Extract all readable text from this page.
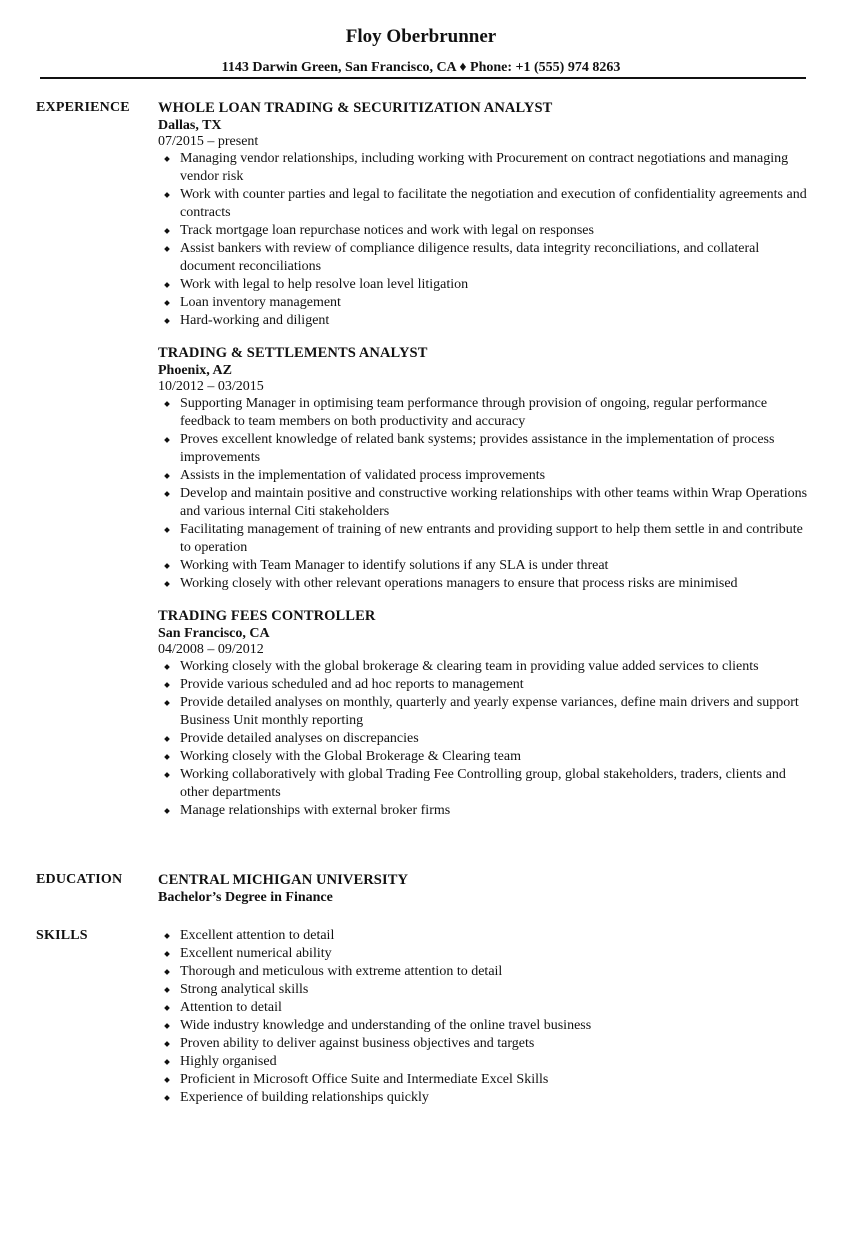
Floy Oberbrunner
1143 Darwin Green, San Francisco, CA ♦ Phone: +1 (555) 974 8263
EXPERIENCE WHOLE LOAN TRADING & SECURITIZATION ANALYST
Dallas, TX
07/2015 – present
Managing vendor relationships, including working with Procurement on contract negotiations and managing vendor risk
Work with counter parties and legal to facilitate the negotiation and execution of confidentiality agreements and contracts
Track mortgage loan repurchase notices and work with legal on responses
Assist bankers with review of compliance diligence results, data integrity reconciliations, and collateral document reconciliations
Work with legal to help resolve loan level litigation
Loan inventory management
Hard-working and diligent
TRADING & SETTLEMENTS ANALYST
Phoenix, AZ
10/2012 – 03/2015
Supporting Manager in optimising team performance through provision of ongoing, regular performance feedback to team members on both productivity and accuracy
Proves excellent knowledge of related bank systems; provides assistance in the implementation of process improvements
Assists in the implementation of validated process improvements
Develop and maintain positive and constructive working relationships with other teams within Wrap Operations and various internal Citi stakeholders
Facilitating management of training of new entrants and providing support to help them settle in and contribute to operation
Working with Team Manager to identify solutions if any SLA is under threat
Working closely with other relevant operations managers to ensure that process risks are minimised
TRADING FEES CONTROLLER
San Francisco, CA
04/2008 – 09/2012
Working closely with the global brokerage & clearing team in providing value added services to clients
Provide various scheduled and ad hoc reports to management
Provide detailed analyses on monthly, quarterly and yearly expense variances, define main drivers and support Business Unit monthly reporting
Provide detailed analyses on discrepancies
Working closely with the Global Brokerage & Clearing team
Working collaboratively with global Trading Fee Controlling group, global stakeholders, traders, clients and other departments
Manage relationships with external broker firms
EDUCATION CENTRAL MICHIGAN UNIVERSITY
Bachelor’s Degree in Finance
SKILLS	Excellent attention to detail
Excellent numerical ability
Thorough and meticulous with extreme attention to detail
Strong analytical skills
Attention to detail
Wide industry knowledge and understanding of the online travel business
Proven ability to deliver against business objectives and targets
Highly organised
Proficient in Microsoft Office Suite and Intermediate Excel Skills
Experience of building relationships quickly
